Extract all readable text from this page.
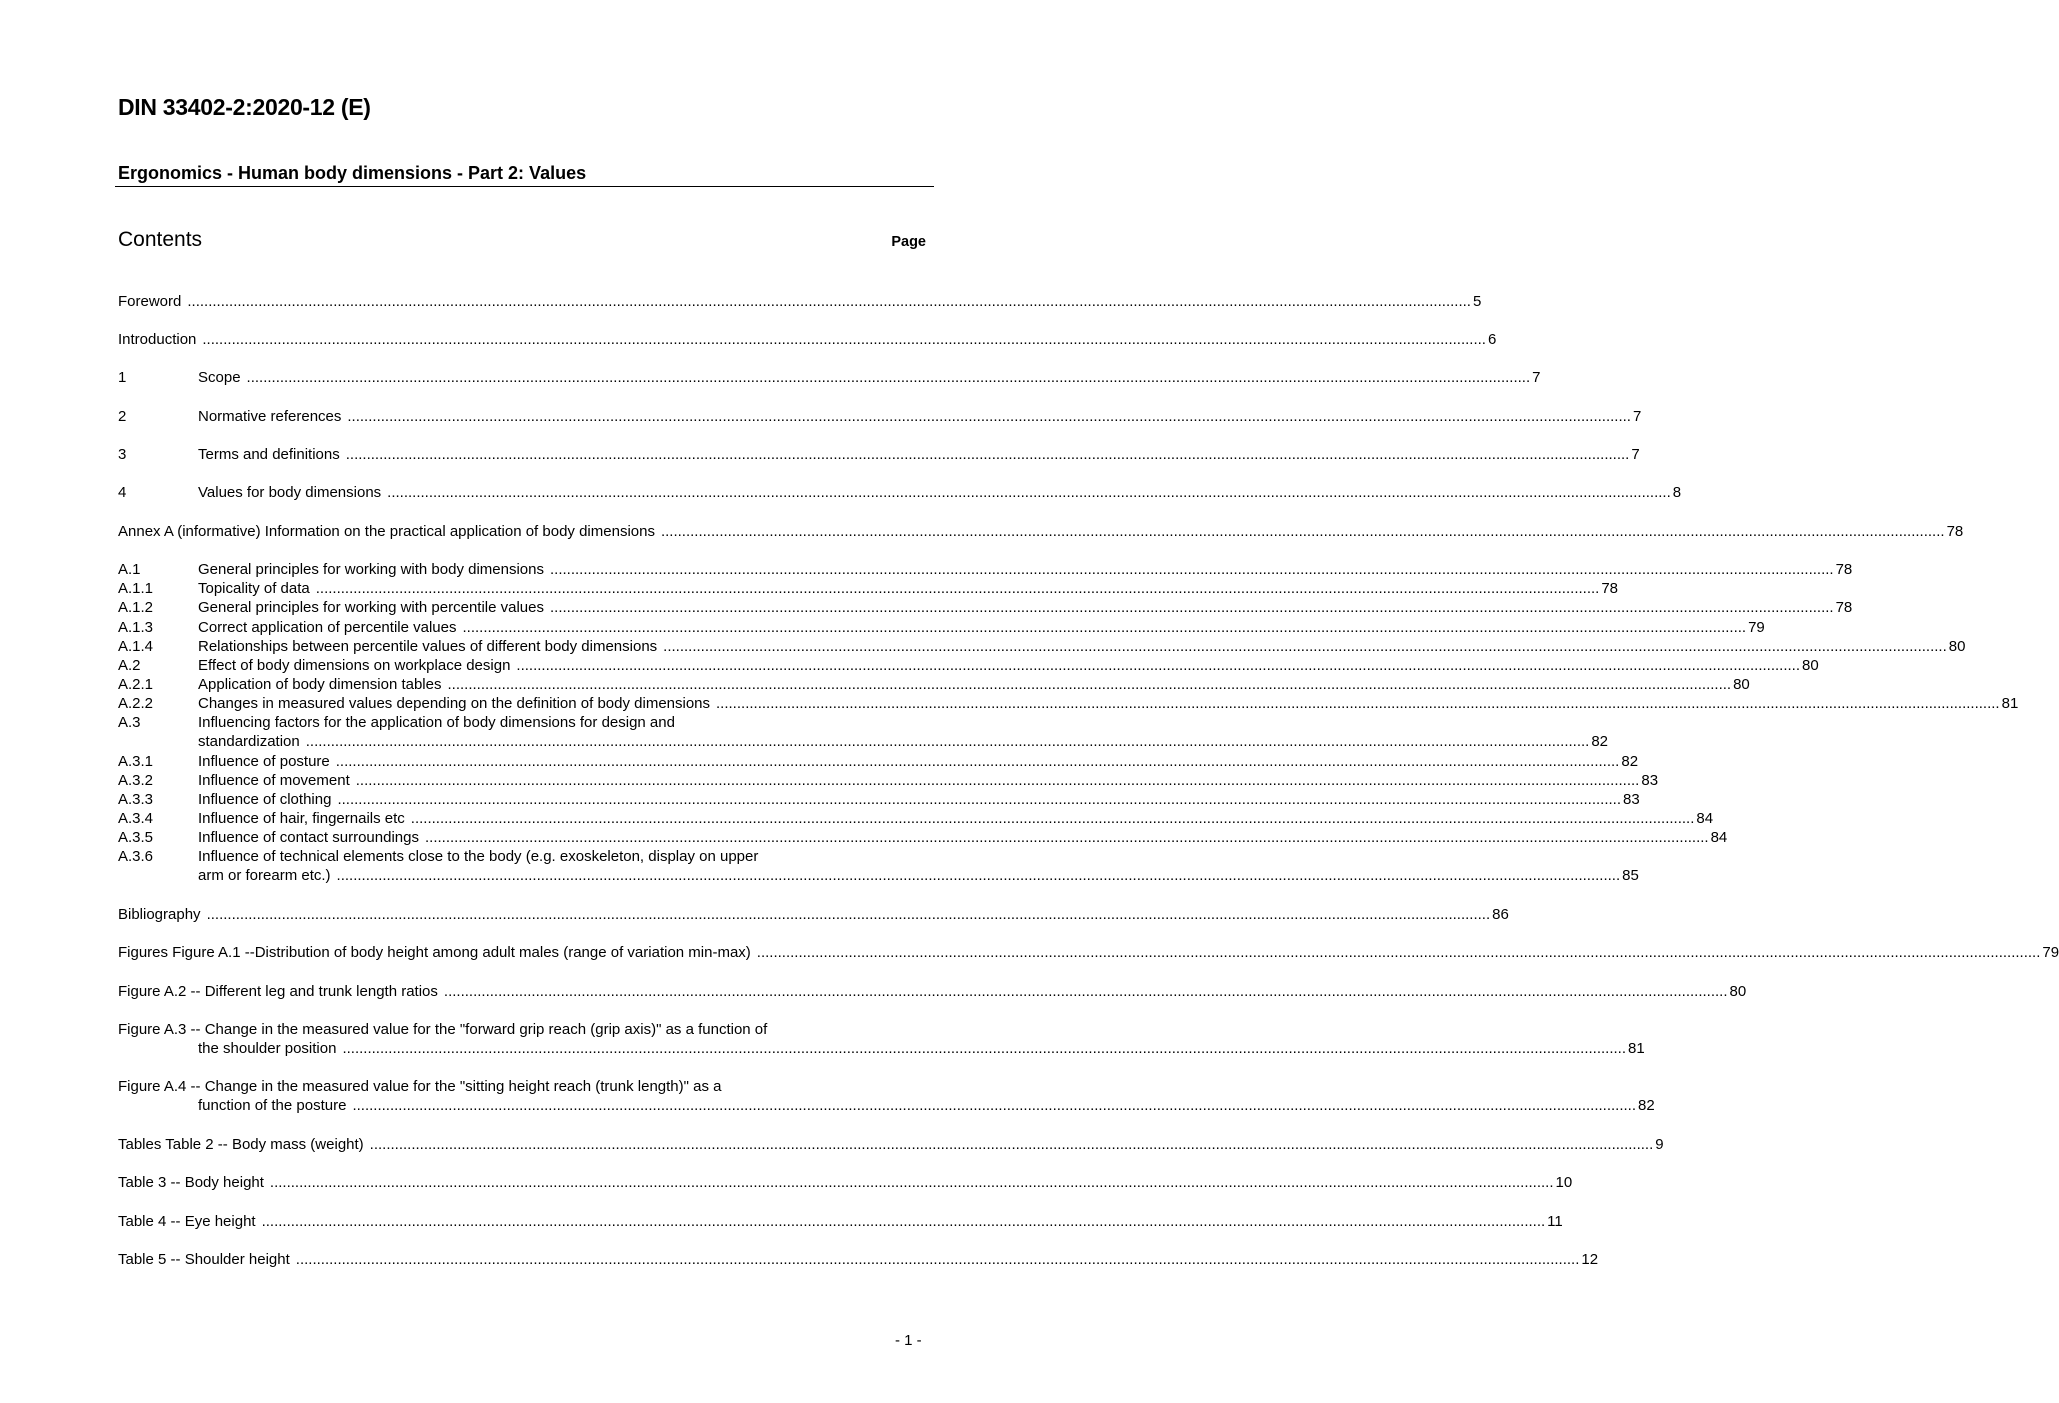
DIN 33402-2:2020-12 (E)
Ergonomics - Human body dimensions - Part 2: Values
Contents	Page
Foreword .....	5
Introduction .....	6
1	Scope .....	7
2	Normative references .....	7
3	Terms and definitions .....	7
4	Values for body dimensions .....	8
Annex A (informative) Information on the practical application of body dimensions .....	78
A.1	General principles for working with body dimensions .....	78
A.1.1	Topicality of data .....	78
A.1.2	General principles for working with percentile values .....	78
A.1.3	Correct application of percentile values .....	79
A.1.4	Relationships between percentile values of different body dimensions .....	80
A.2	Effect of body dimensions on workplace design .....	80
A.2.1	Application of body dimension tables .....	80
A.2.2	Changes in measured values depending on the definition of body dimensions .....	81
A.3	Influencing factors for the application of body dimensions for design and
standardization .....	82
A.3.1	Influence of posture .....	82
A.3.2	Influence of movement .....	83
A.3.3	Influence of clothing .....	83
A.3.4	Influence of hair, fingernails etc .....	84
A.3.5	Influence of contact surroundings .....	84
A.3.6	Influence of technical elements close to the body (e.g. exoskeleton, display on upper
arm or forearm etc.) .....	85
Bibliography .....	86
Figures Figure A.1 --Distribution of body height among adult males (range of variation min-max) .....	79
Figure A.2 -- Different leg and trunk length ratios .....	80
Figure A.3 -- Change in the measured value for the "forward grip reach (grip axis)" as a function of
the shoulder position .....	81
Figure A.4 -- Change in the measured value for the "sitting height reach (trunk length)" as a
function of the posture .....	82
Tables Table 2 -- Body mass (weight) .....	9
Table 3 -- Body height .....	10
Table 4 -- Eye height .....	11
Table 5 -- Shoulder height .....	12
- 1 -
